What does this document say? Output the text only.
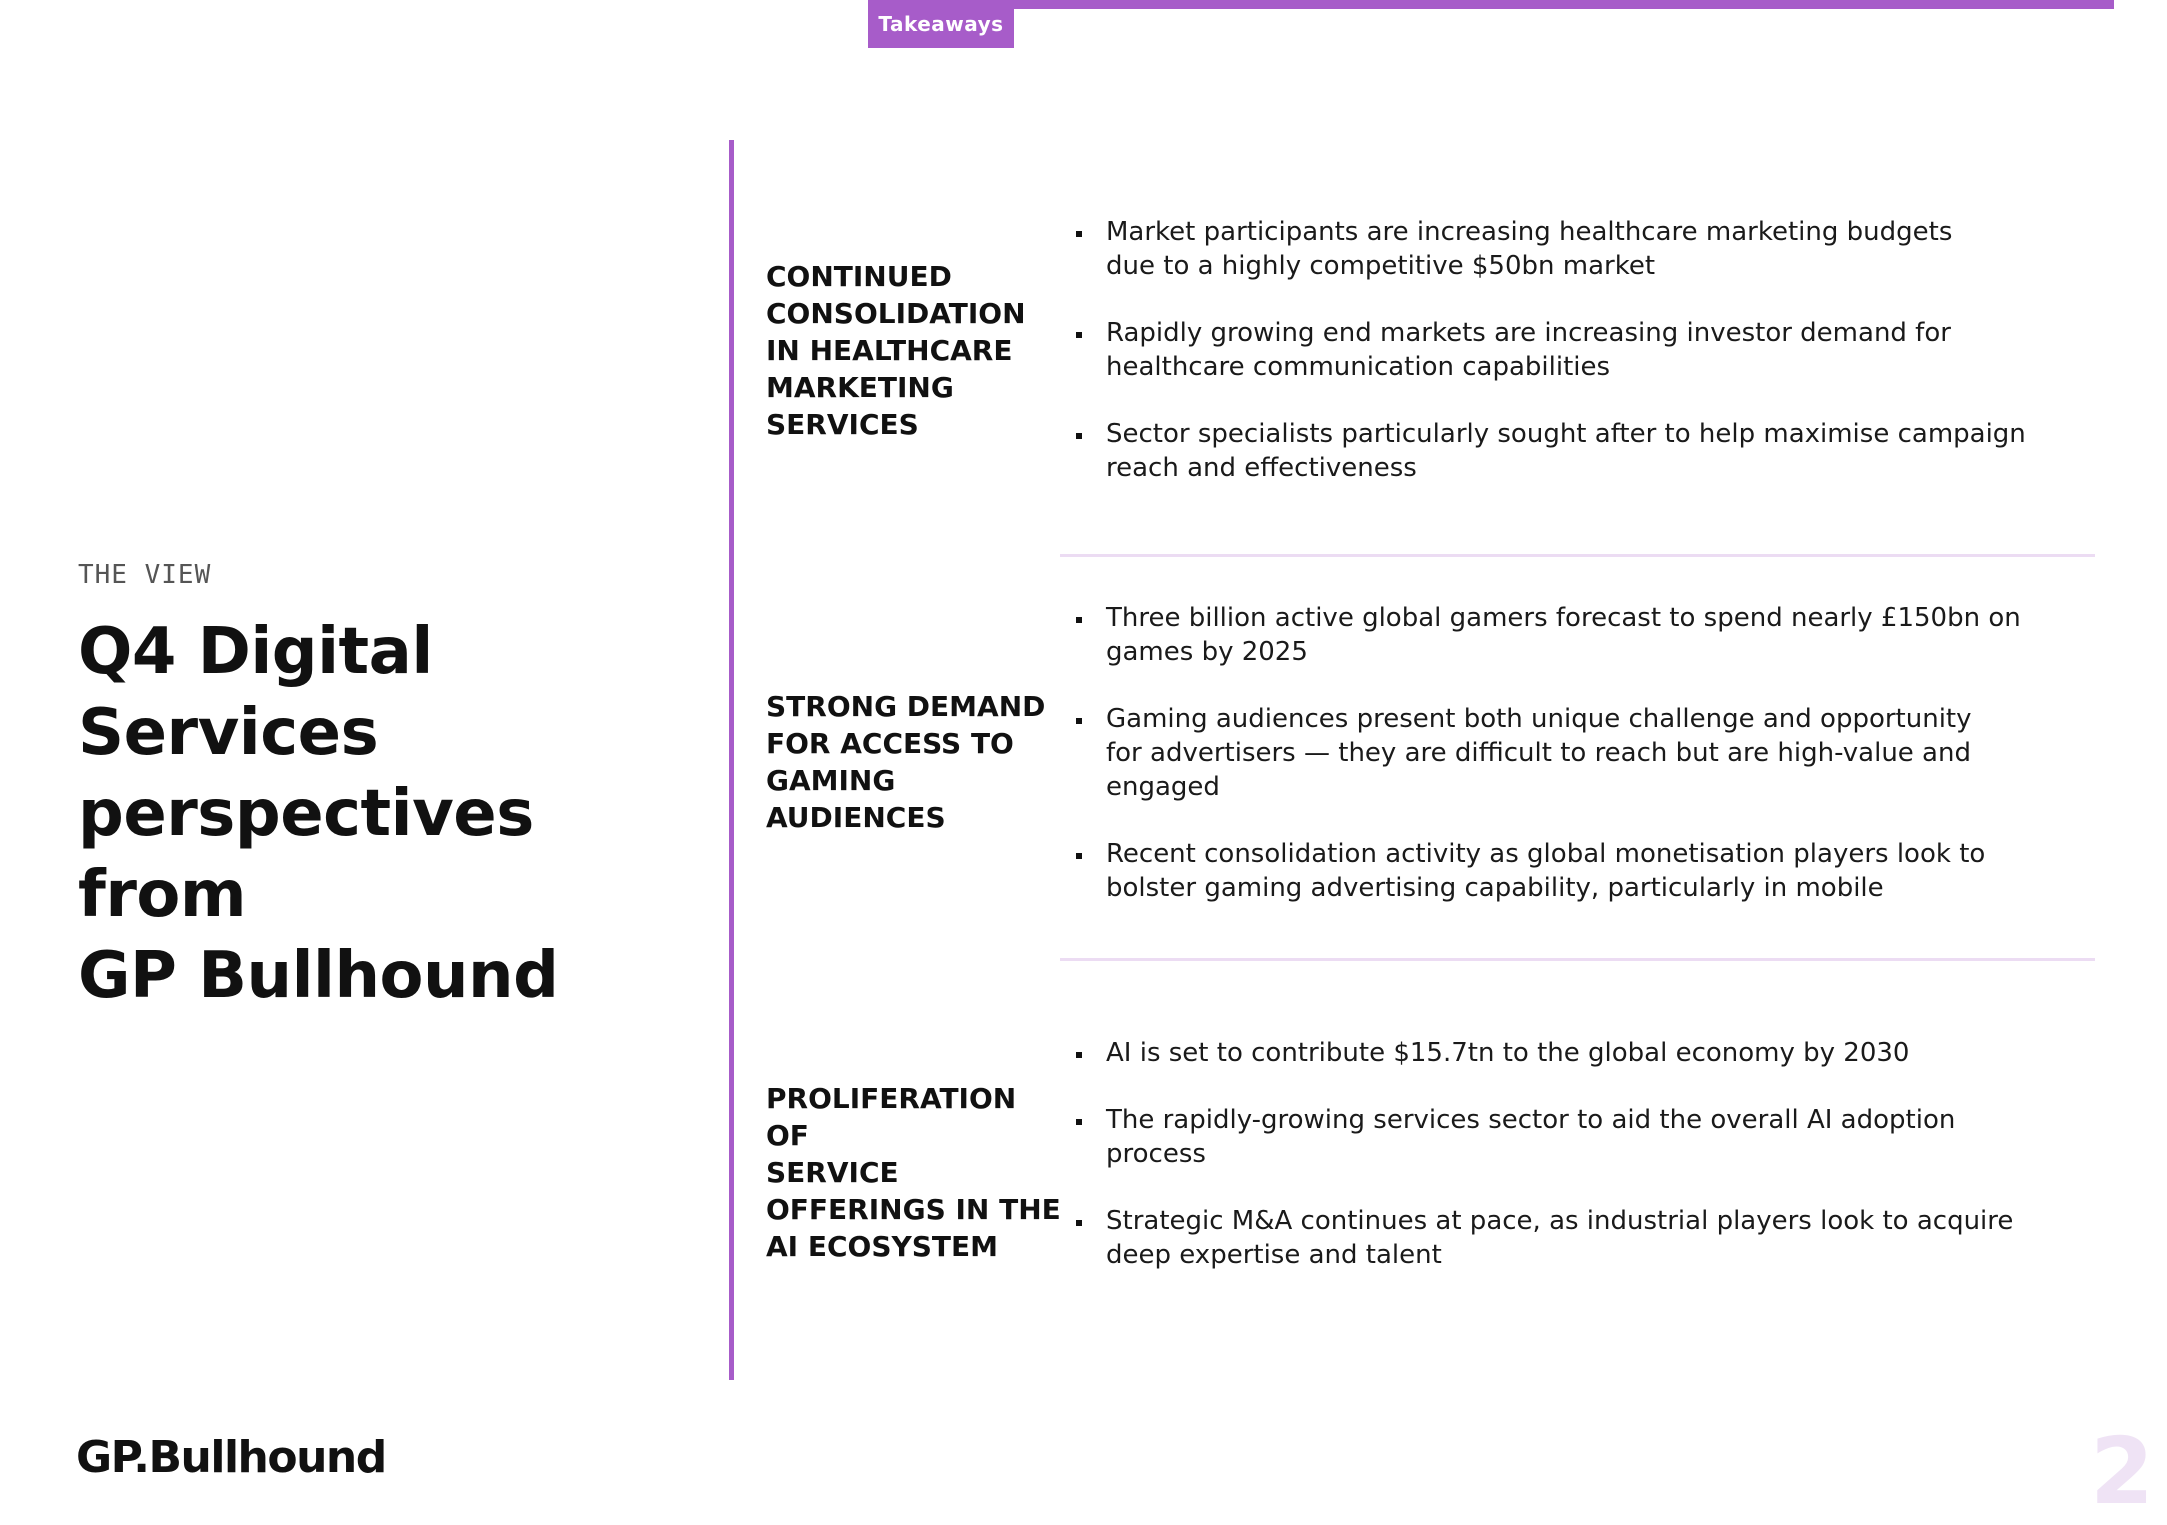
Takeaways
THE VIEW
Q4 Digital Services
perspectives from
GP Bullhound
CONTINUED
CONSOLIDATION
IN HEALTHCARE
MARKETING
SERVICES
Market participants are increasing healthcare marketing budgets
due to a highly competitive $50bn market
Rapidly growing end markets are increasing investor demand for
healthcare communication capabilities
Sector specialists particularly sought after to help maximise campaign
reach and effectiveness
STRONG DEMAND
FOR ACCESS TO
GAMING
AUDIENCES
Three billion active global gamers forecast to spend nearly £150bn on
games by 2025
Gaming audiences present both unique challenge and opportunity
for advertisers — they are difficult to reach but are high-value and
engaged
Recent consolidation activity as global monetisation players look to
bolster gaming advertising capability, particularly in mobile
PROLIFERATION OF
SERVICE
OFFERINGS IN THE
AI ECOSYSTEM
AI is set to contribute $15.7tn to the global economy by 2030
The rapidly-growing services sector to aid the overall AI adoption
process
Strategic M&A continues at pace, as industrial players look to acquire
deep expertise and talent
GP.Bullhound	2
